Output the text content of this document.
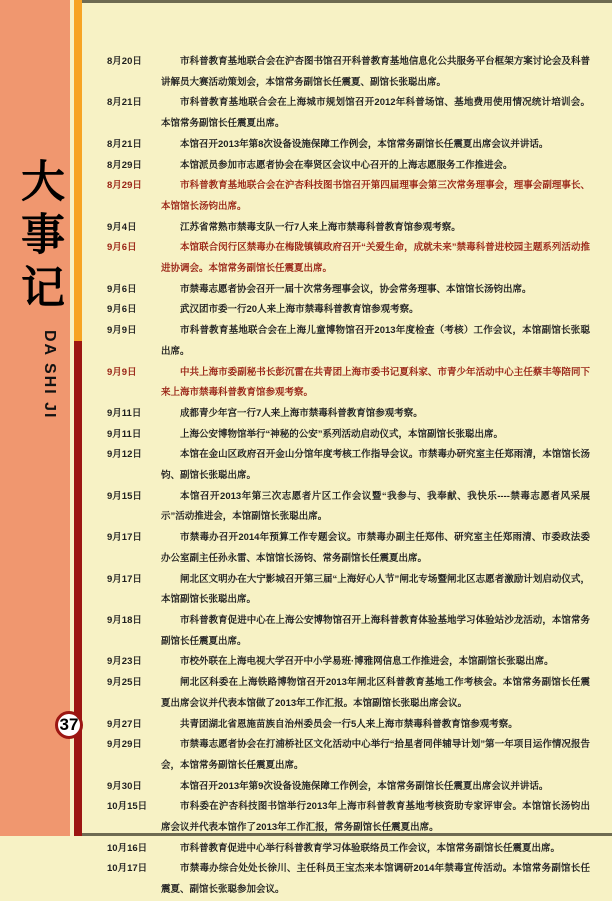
大事记
DA SHI JI
37
8月20日	市科普教育基地联合会在沪杏图书馆召开科普教育基地信息化公共服务平台框架方案讨论会及科普讲解员大赛活动策划会，本馆常务副馆长任震夏、副馆长张聪出席。

8月21日	市科普教育基地联合会在上海城市规划馆召开2012年科普场馆、基地费用使用情况统计培训会。本馆常务副馆长任震夏出席。

8月21日	本馆召开2013年第8次设备设施保障工作例会，本馆常务副馆长任震夏出席会议并讲话。

8月29日	本馆派员参加市志愿者协会在奉贤区会议中心召开的上海志愿服务工作推进会。

8月29日	市科普教育基地联合会在沪杏科技图书馆召开第四届理事会第三次常务理事会，理事会副理事长、本馆馆长汤钧出席。

9月4日	江苏省常熟市禁毒支队一行7人来上海市禁毒科普教育馆参观考察。

9月6日	本馆联合闵行区禁毒办在梅陇镇镇政府召开“关爱生命，成就未来”禁毒科普进校园主题系列活动推进协调会。本馆常务副馆长任震夏出席。

9月6日	市禁毒志愿者协会召开一届十次常务理事会议，协会常务理事、本馆馆长汤钧出席。

9月6日	武汉团市委一行20人来上海市禁毒科普教育馆参观考察。

9月9日	市科普教育基地联合会在上海儿童博物馆召开2013年度检查（考核）工作会议，本馆副馆长张聪出席。

9月9日	中共上海市委副秘书长彭沉雷在共青团上海市委书记夏科家、市青少年活动中心主任蔡丰等陪同下来上海市禁毒科普教育馆参观考察。

9月11日	成都青少年宫一行7人来上海市禁毒科普教育馆参观考察。

9月11日	上海公安博物馆举行“神秘的公安”系列活动启动仪式，本馆副馆长张聪出席。

9月12日	本馆在金山区政府召开金山分馆年度考核工作指导会议。市禁毒办研究室主任郑雨清，本馆馆长汤钧、副馆长张聪出席。

9月15日	本馆召开2013年第三次志愿者片区工作会议暨“我参与、我奉献、我快乐----禁毒志愿者风采展示”活动推进会，本馆副馆长张聪出席。

9月17日	市禁毒办召开2014年预算工作专题会议。市禁毒办副主任郑伟、研究室主任郑雨清、市委政法委办公室副主任孙永雷、本馆馆长汤钧、常务副馆长任震夏出席。

9月17日	闸北区文明办在大宁影城召开第三届“上海好心人节”闸北专场暨闸北区志愿者激励计划启动仪式，本馆副馆长张聪出席。

9月18日	市科普教育促进中心在上海公安博物馆召开上海科普教育体验基地学习体验站沙龙活动，本馆常务副馆长任震夏出席。

9月23日	市校外联在上海电视大学召开中小学易班·博雅网信息工作推进会，本馆副馆长张聪出席。

9月25日	闸北区科委在上海铁路博物馆召开2013年闸北区科普教育基地工作考核会。本馆常务副馆长任震夏出席会议并代表本馆做了2013年工作汇报。本馆副馆长张聪出席会议。

9月27日	共青团湖北省恩施苗族自治州委员会一行5人来上海市禁毒科普教育馆参观考察。

9月29日	市禁毒志愿者协会在打浦桥社区文化活动中心举行“拾星者同伴辅导计划”第一年项目运作情况报告会，本馆常务副馆长任震夏出席。

9月30日	本馆召开2013年第9次设备设施保障工作例会，本馆常务副馆长任震夏出席会议并讲话。

10月15日	市科委在沪杏科技图书馆举行2013年上海市科普教育基地考核资助专家评审会。本馆馆长汤钧出席会议并代表本馆作了2013年工作汇报，常务副馆长任震夏出席。

10月16日	市科普教育促进中心举行科普教育学习体验联络员工作会议，本馆常务副馆长任震夏出席。

10月17日	市禁毒办综合处处长徐川、主任科员王宝杰来本馆调研2014年禁毒宣传活动。本馆常务副馆长任震夏、副馆长张聪参加会议。
